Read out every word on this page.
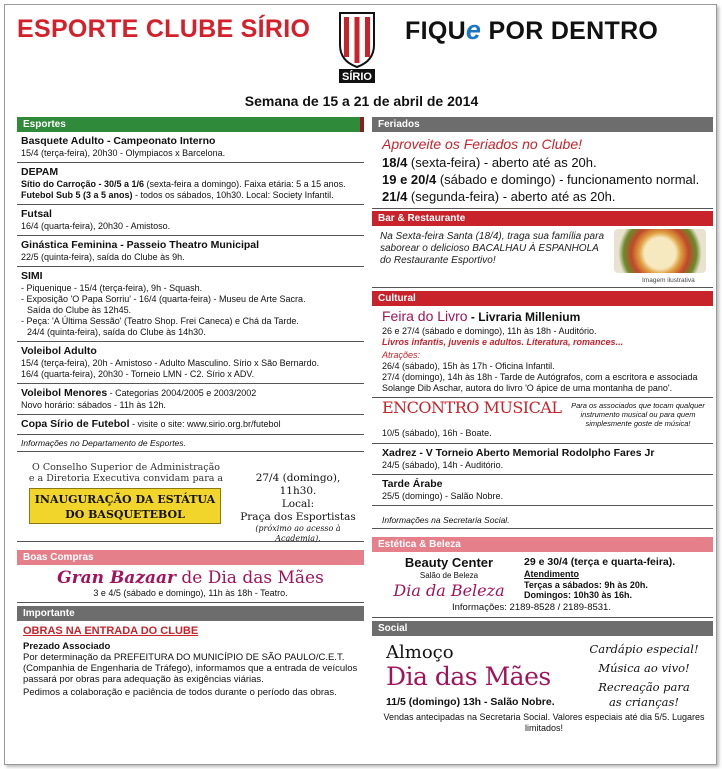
ESPORTE CLUBE SÍRIO
SÍRIO
FIQUe POR DENTRO
Semana de 15 a 21 de abril de 2014
Esportes
Basquete Adulto - Campeonato Interno
15/4 (terça-feira), 20h30 - Olympiacos x Barcelona.
DEPAM
Sítio do Carroção - 30/5 a 1/6 (sexta-feira a domingo). Faixa etária: 5 a 15 anos.
Futebol Sub 5 (3 a 5 anos) - todos os sábados, 10h30. Local: Society Infantil.
Futsal
16/4 (quarta-feira), 20h30 - Amistoso.
Ginástica Feminina - Passeio Theatro Municipal
22/5 (quinta-feira), saída do Clube às 9h.
SIMI
- Piquenique - 15/4 (terça-feira), 9h - Squash.
- Exposição 'O Papa Sorriu' - 16/4 (quarta-feira) - Museu de Arte Sacra.
Saída do Clube às 12h45.
- Peça: 'A Última Sessão' (Teatro Shop. Frei Caneca) e Chá da Tarde.
24/4 (quinta-feira), saída do Clube às 14h30.
Voleibol Adulto
15/4 (terça-feira), 20h - Amistoso - Adulto Masculino. Sírio x São Bernardo.
16/4 (quarta-feira), 20h30 - Torneio LMN - C2. Sírio x ADV.
Voleibol Menores - Categorias 2004/2005 e 2003/2002
Novo horário: sábados - 11h às 12h.
Copa Sírio de Futebol - visite o site: www.sirio.org.br/futebol
Informações no Departamento de Esportes.
O Conselho Superior de Administração
e a Diretoria Executiva convidam para a
INAUGURAÇÃO DA ESTÁTUA DO BASQUETEBOL
27/4 (domingo), 11h30.
Local:
Praça dos Esportistas
(próximo ao acesso à Academia).
Boas Compras
Gran Bazaar de Dia das Mães
3 e 4/5 (sábado e domingo), 11h às 18h - Teatro.
Importante
OBRAS NA ENTRADA DO CLUBE
Prezado Associado
Por determinação da PREFEITURA DO MUNICÍPIO DE SÃO PAULO/C.E.T. (Companhia de Engenharia de Tráfego), informamos que a entrada de veículos passará por obras para adequação às exigências viárias.
Pedimos a colaboração e paciência de todos durante o período das obras.
Feriados
Aproveite os Feriados no Clube!
18/4 (sexta-feira) - aberto até as 20h.
19 e 20/4 (sábado e domingo) - funcionamento normal.
21/4 (segunda-feira) - aberto até as 20h.
Bar & Restaurante
Na Sexta-feira Santa (18/4), traga sua família para saborear o delicioso BACALHAU À ESPANHOLA do Restaurante Esportivo!
Imagem ilustrativa
Cultural
Feira do Livro - Livraria Millenium
26 e 27/4 (sábado e domingo), 11h às 18h - Auditório.
Livros infantis, juvenis e adultos. Literatura, romances...
Atrações:
26/4 (sábado), 15h às 17h - Oficina Infantil.
27/4 (domingo), 14h às 18h - Tarde de Autógrafos, com a escritora e associada Solange Dib Aschar, autora do livro 'O ápice de uma montanha de pano'.
ENCONTRO MUSICAL	Para os associados que tocam qualquer instrumento musical ou para quem simplesmente goste de música!
10/5 (sábado), 16h - Boate.
Xadrez - V Torneio Aberto Memorial Rodolpho Fares Jr
24/5 (sábado), 14h - Auditório.
Tarde Árabe
25/5 (domingo) - Salão Nobre.
Informações na Secretaria Social.
Estética & Beleza
Beauty Center
Salão de Beleza
Dia da Beleza
29 e 30/4 (terça e quarta-feira).
Atendimento
Terças a sábados: 9h às 20h.
Domingos: 10h30 às 16h.
Informações: 2189-8528 / 2189-8531.
Social
Almoço
Dia das Mães
11/5 (domingo) 13h - Salão Nobre.
Cardápio especial!
Música ao vivo!
Recreação para
as crianças!
Vendas antecipadas na Secretaria Social. Valores especiais até dia 5/5. Lugares limitados!
